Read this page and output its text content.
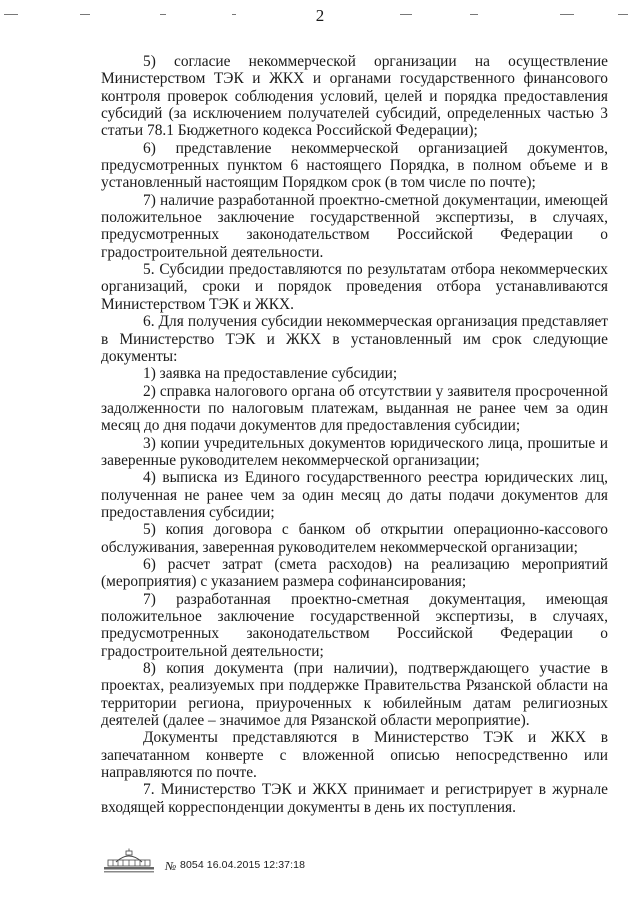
2

5) согласие некоммерческой организации на осуществление Министерством ТЭК и ЖКХ и органами государственного финансового контроля проверок соблюдения условий, целей и порядка предоставления субсидий (за исключением получателей субсидий, определенных частью 3 статьи 78.1 Бюджетного кодекса Российской Федерации);

6) представление некоммерческой организацией документов, предусмотренных пунктом 6 настоящего Порядка, в полном объеме и в установленный настоящим Порядком срок (в том числе по почте);

7) наличие разработанной проектно-сметной документации, имеющей положительное заключение государственной экспертизы, в случаях, предусмотренных законодательством Российской Федерации о градостроительной деятельности.

5. Субсидии предоставляются по результатам отбора некоммерческих организаций, сроки и порядок проведения отбора устанавливаются Министерством ТЭК и ЖКХ.

6. Для получения субсидии некоммерческая организация представляет в Министерство ТЭК и ЖКХ в установленный им срок следующие документы:

1) заявка на предоставление субсидии;

2) справка налогового органа об отсутствии у заявителя просроченной задолженности по налоговым платежам, выданная не ранее чем за один месяц до дня подачи документов для предоставления субсидии;

3) копии учредительных документов юридического лица, прошитые и заверенные руководителем некоммерческой организации;

4) выписка из Единого государственного реестра юридических лиц, полученная не ранее чем за один месяц до даты подачи документов для предоставления субсидии;

5) копия договора с банком об открытии операционно-кассового обслуживания, заверенная руководителем некоммерческой организации;

6) расчет затрат (смета расходов) на реализацию мероприятий (мероприятия) с указанием размера софинансирования;

7) разработанная проектно-сметная документация, имеющая положительное заключение государственной экспертизы, в случаях, предусмотренных законодательством Российской Федерации о градостроительной деятельности;

8) копия документа (при наличии), подтверждающего участие в проектах, реализуемых при поддержке Правительства Рязанской области на территории региона, приуроченных к юбилейным датам религиозных деятелей (далее – значимое для Рязанской области мероприятие).

Документы представляются в Министерство ТЭК и ЖКХ в запечатанном конверте с вложенной описью непосредственно или направляются по почте.

7. Министерство ТЭК и ЖКХ принимает и регистрирует в журнале входящей корреспонденции документы в день их поступления.

№ 8054 16.04.2015 12:37:18
